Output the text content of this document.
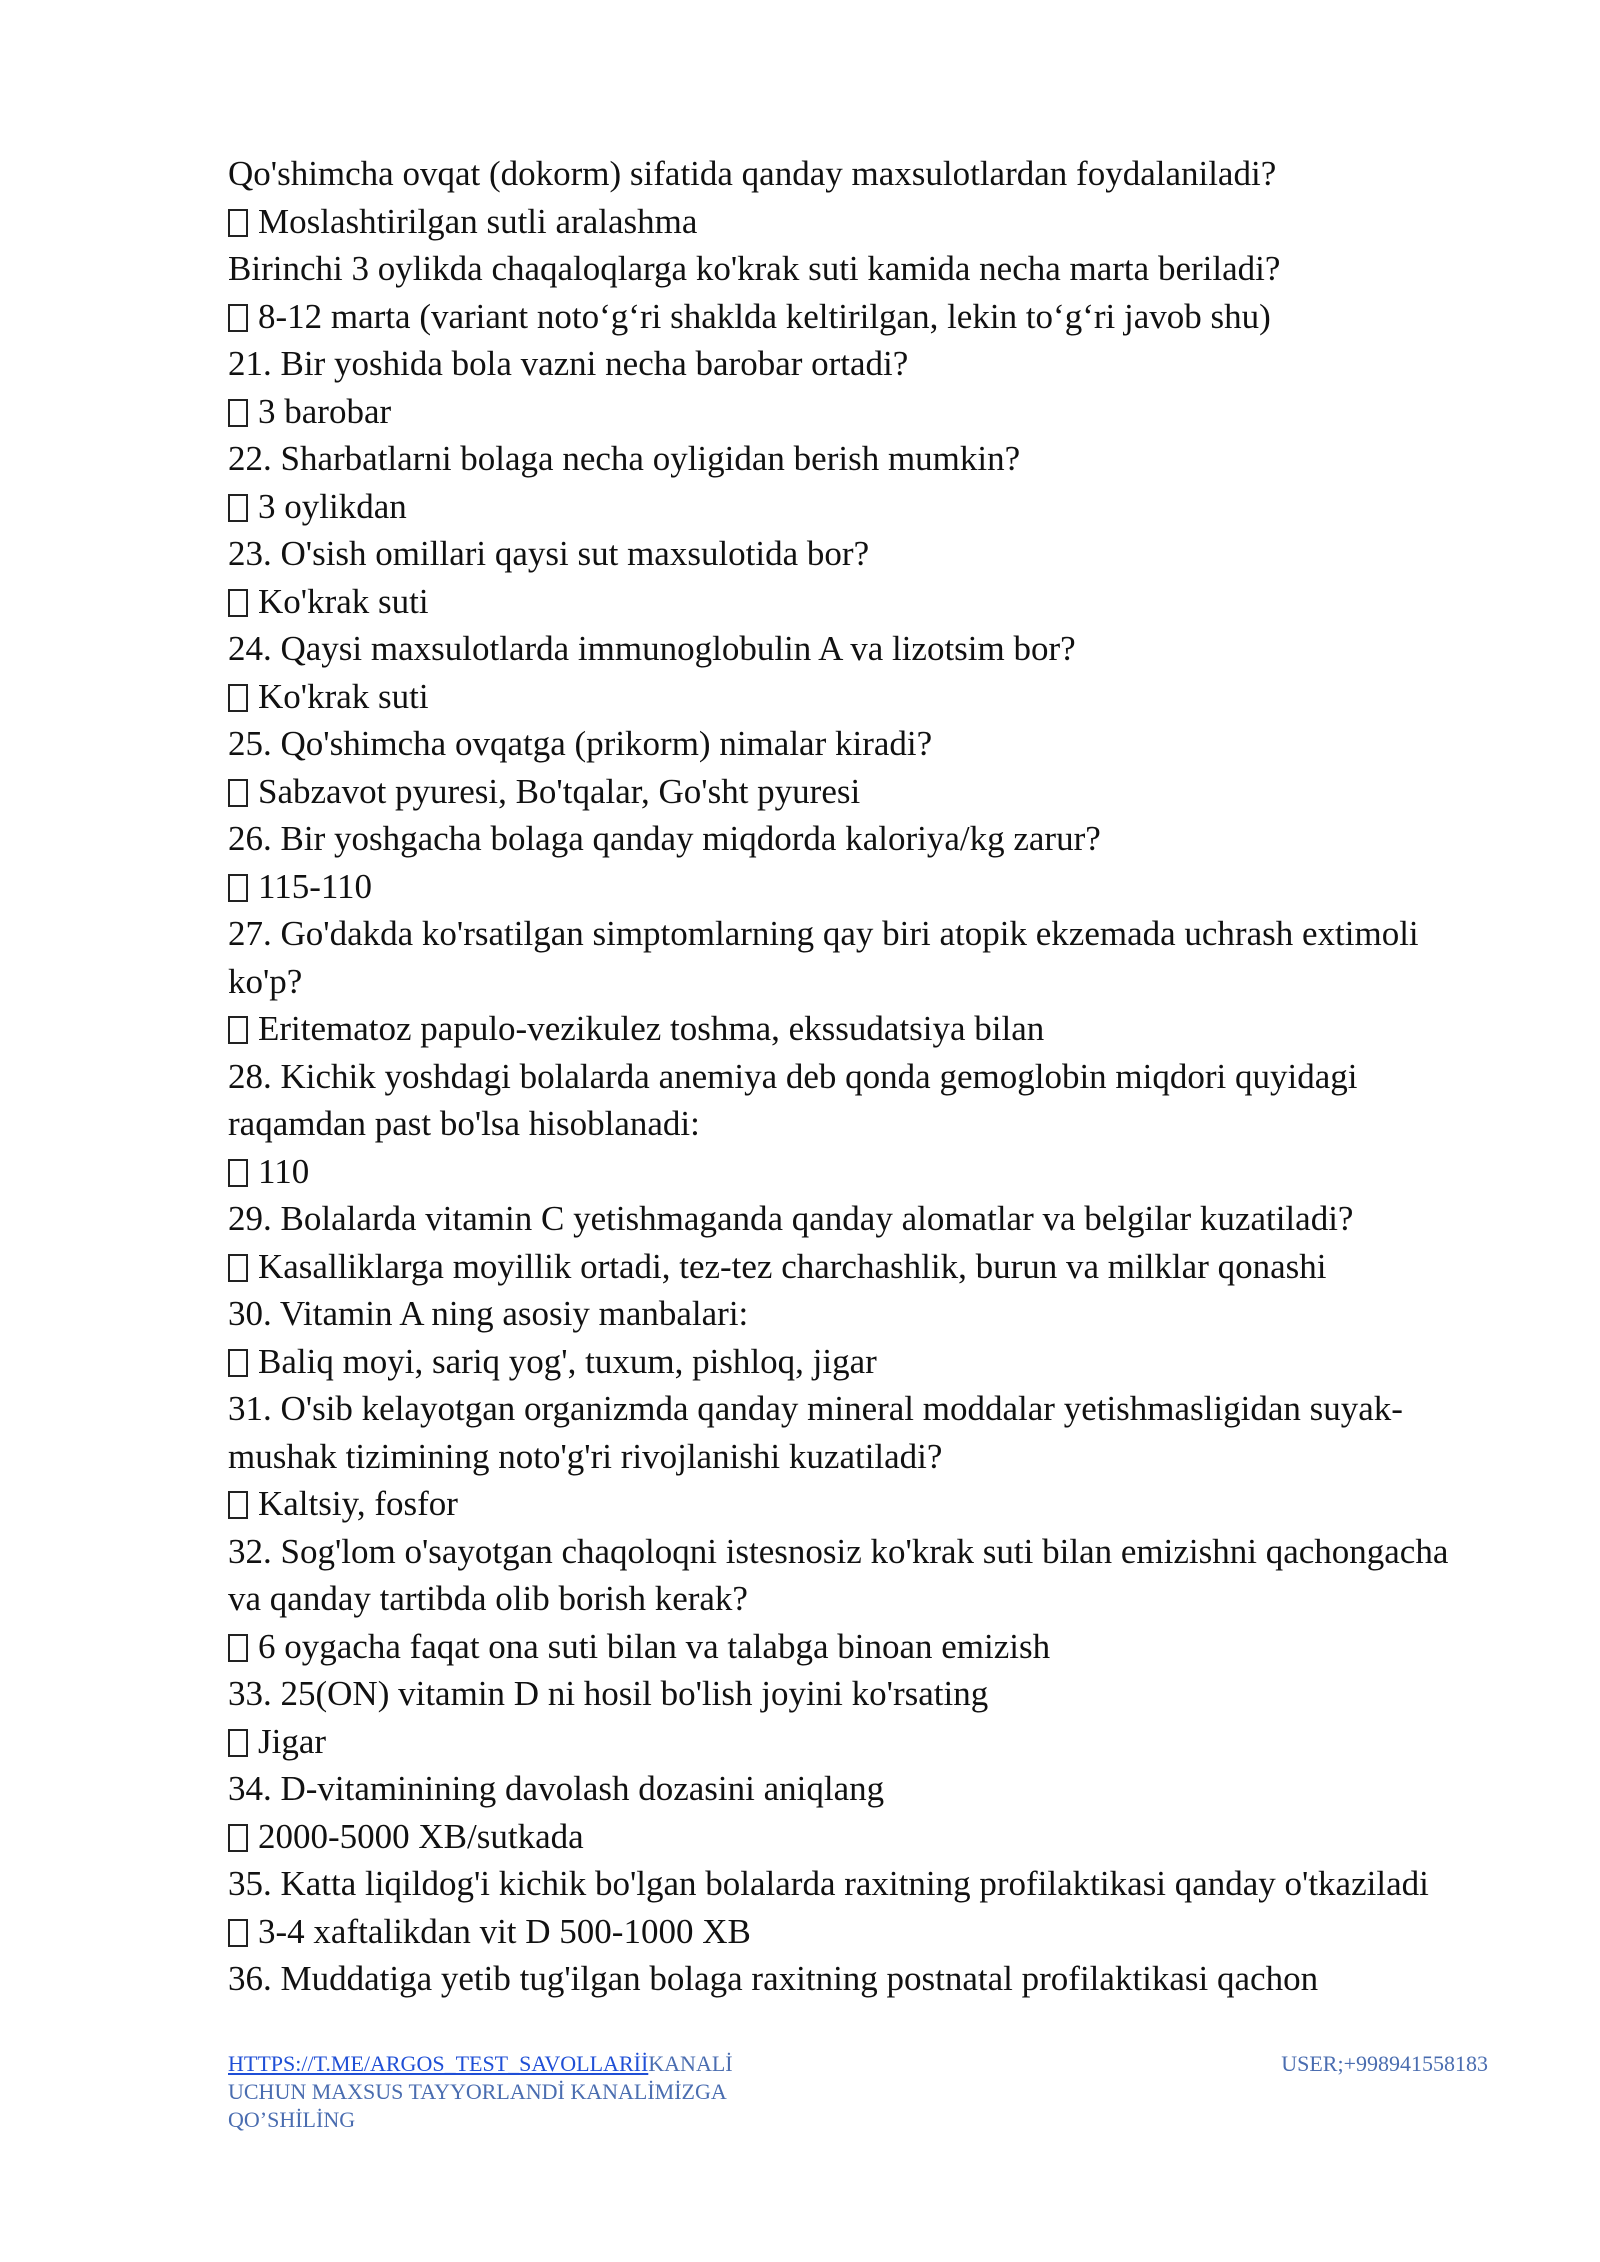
Qo'shimcha ovqat (dokorm) sifatida qanday maxsulotlardan foydalaniladi?
Moslashtirilgan sutli aralashma
Birinchi 3 oylikda chaqaloqlarga ko'krak suti kamida necha marta beriladi?
8-12 marta (variant noto‘g‘ri shaklda keltirilgan, lekin to‘g‘ri javob shu)
21. Bir yoshida bola vazni necha barobar ortadi?
3 barobar
22. Sharbatlarni bolaga necha oyligidan berish mumkin?
3 oylikdan
23. O'sish omillari qaysi sut maxsulotida bor?
Ko'krak suti
24. Qaysi maxsulotlarda immunoglobulin A va lizotsim bor?
Ko'krak suti
25. Qo'shimcha ovqatga (prikorm) nimalar kiradi?
Sabzavot pyuresi, Bo'tqalar, Go'sht pyuresi
26. Bir yoshgacha bolaga qanday miqdorda kaloriya/kg zarur?
115-110
27. Go'dakda ko'rsatilgan simptomlarning qay biri atopik ekzemada uchrash extimoli ko'p?
Eritematoz papulo-vezikulez toshma, ekssudatsiya bilan
28. Kichik yoshdagi bolalarda anemiya deb qonda gemoglobin miqdori quyidagi raqamdan past bo'lsa hisoblanadi:
110
29. Bolalarda vitamin C yetishmaganda qanday alomatlar va belgilar kuzatiladi?
Kasalliklarga moyillik ortadi, tez-tez charchashlik, burun va milklar qonashi
30. Vitamin A ning asosiy manbalari:
Baliq moyi, sariq yog', tuxum, pishloq, jigar
31. O'sib kelayotgan organizmda qanday mineral moddalar yetishmasligidan suyak-mushak tizimining noto'g'ri rivojlanishi kuzatiladi?
Kaltsiy, fosfor
32. Sog'lom o'sayotgan chaqoloqni istesnosiz ko'krak suti bilan emizishni qachongacha va qanday tartibda olib borish kerak?
6 oygacha faqat ona suti bilan va talabga binoan emizish
33. 25(ON) vitamin D ni hosil bo'lish joyini ko'rsating
Jigar
34. D-vitaminining davolash dozasini aniqlang
2000-5000 XB/sutkada
35. Katta liqildog'i kichik bo'lgan bolalarda raxitning profilaktikasi qanday o'tkaziladi
3-4 xaftalikdan vit D 500-1000 XB
36. Muddatiga yetib tug'ilgan bolaga raxitning postnatal profilaktikasi qachon
HTTPS://T.ME/ARGOS_TEST_SAVOLLARİİKANALİ UCHUN MAXSUS TAYYORLANDİ KANALİMİZGA QO’SHİLİNG
USER;+998941558183
